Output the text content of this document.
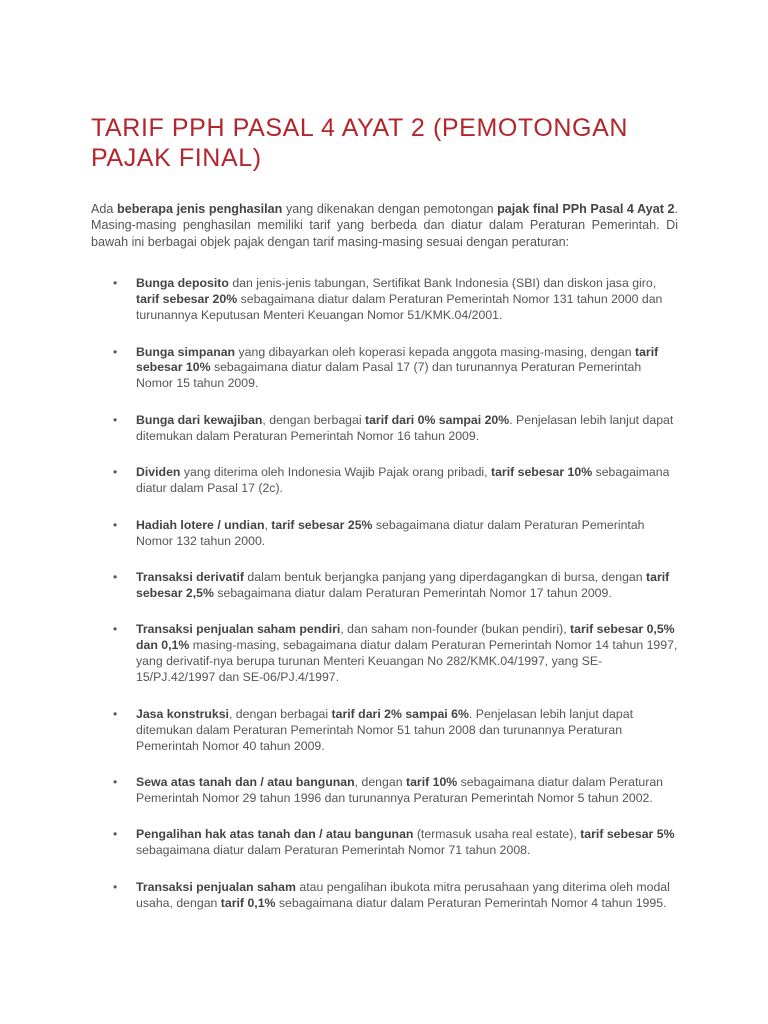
TARIF PPH PASAL 4 AYAT 2 (PEMOTONGAN PAJAK FINAL)

Ada beberapa jenis penghasilan yang dikenakan dengan pemotongan pajak final PPh Pasal 4 Ayat 2. Masing-masing penghasilan memiliki tarif yang berbeda dan diatur dalam Peraturan Pemerintah. Di bawah ini berbagai objek pajak dengan tarif masing-masing sesuai dengan peraturan:

• Bunga deposito dan jenis-jenis tabungan, Sertifikat Bank Indonesia (SBI) dan diskon jasa giro, tarif sebesar 20% sebagaimana diatur dalam Peraturan Pemerintah Nomor 131 tahun 2000 dan turunannya Keputusan Menteri Keuangan Nomor 51/KMK.04/2001.
• Bunga simpanan yang dibayarkan oleh koperasi kepada anggota masing-masing, dengan tarif sebesar 10% sebagaimana diatur dalam Pasal 17 (7) dan turunannya Peraturan Pemerintah Nomor 15 tahun 2009.
• Bunga dari kewajiban, dengan berbagai tarif dari 0% sampai 20%. Penjelasan lebih lanjut dapat ditemukan dalam Peraturan Pemerintah Nomor 16 tahun 2009.
• Dividen yang diterima oleh Indonesia Wajib Pajak orang pribadi, tarif sebesar 10% sebagaimana diatur dalam Pasal 17 (2c).
• Hadiah lotere / undian, tarif sebesar 25% sebagaimana diatur dalam Peraturan Pemerintah Nomor 132 tahun 2000.
• Transaksi derivatif dalam bentuk berjangka panjang yang diperdagangkan di bursa, dengan tarif sebesar 2,5% sebagaimana diatur dalam Peraturan Pemerintah Nomor 17 tahun 2009.
• Transaksi penjualan saham pendiri, dan saham non-founder (bukan pendiri), tarif sebesar 0,5% dan 0,1% masing-masing, sebagaimana diatur dalam Peraturan Pemerintah Nomor 14 tahun 1997, yang derivatif-nya berupa turunan Menteri Keuangan No 282/KMK.04/1997, yang SE-15/PJ.42/1997 dan SE-06/PJ.4/1997.
• Jasa konstruksi, dengan berbagai tarif dari 2% sampai 6%. Penjelasan lebih lanjut dapat ditemukan dalam Peraturan Pemerintah Nomor 51 tahun 2008 dan turunannya Peraturan Pemerintah Nomor 40 tahun 2009.
• Sewa atas tanah dan / atau bangunan, dengan tarif 10% sebagaimana diatur dalam Peraturan Pemerintah Nomor 29 tahun 1996 dan turunannya Peraturan Pemerintah Nomor 5 tahun 2002.
• Pengalihan hak atas tanah dan / atau bangunan (termasuk usaha real estate), tarif sebesar 5% sebagaimana diatur dalam Peraturan Pemerintah Nomor 71 tahun 2008.
• Transaksi penjualan saham atau pengalihan ibukota mitra perusahaan yang diterima oleh modal usaha, dengan tarif 0,1% sebagaimana diatur dalam Peraturan Pemerintah Nomor 4 tahun 1995.
